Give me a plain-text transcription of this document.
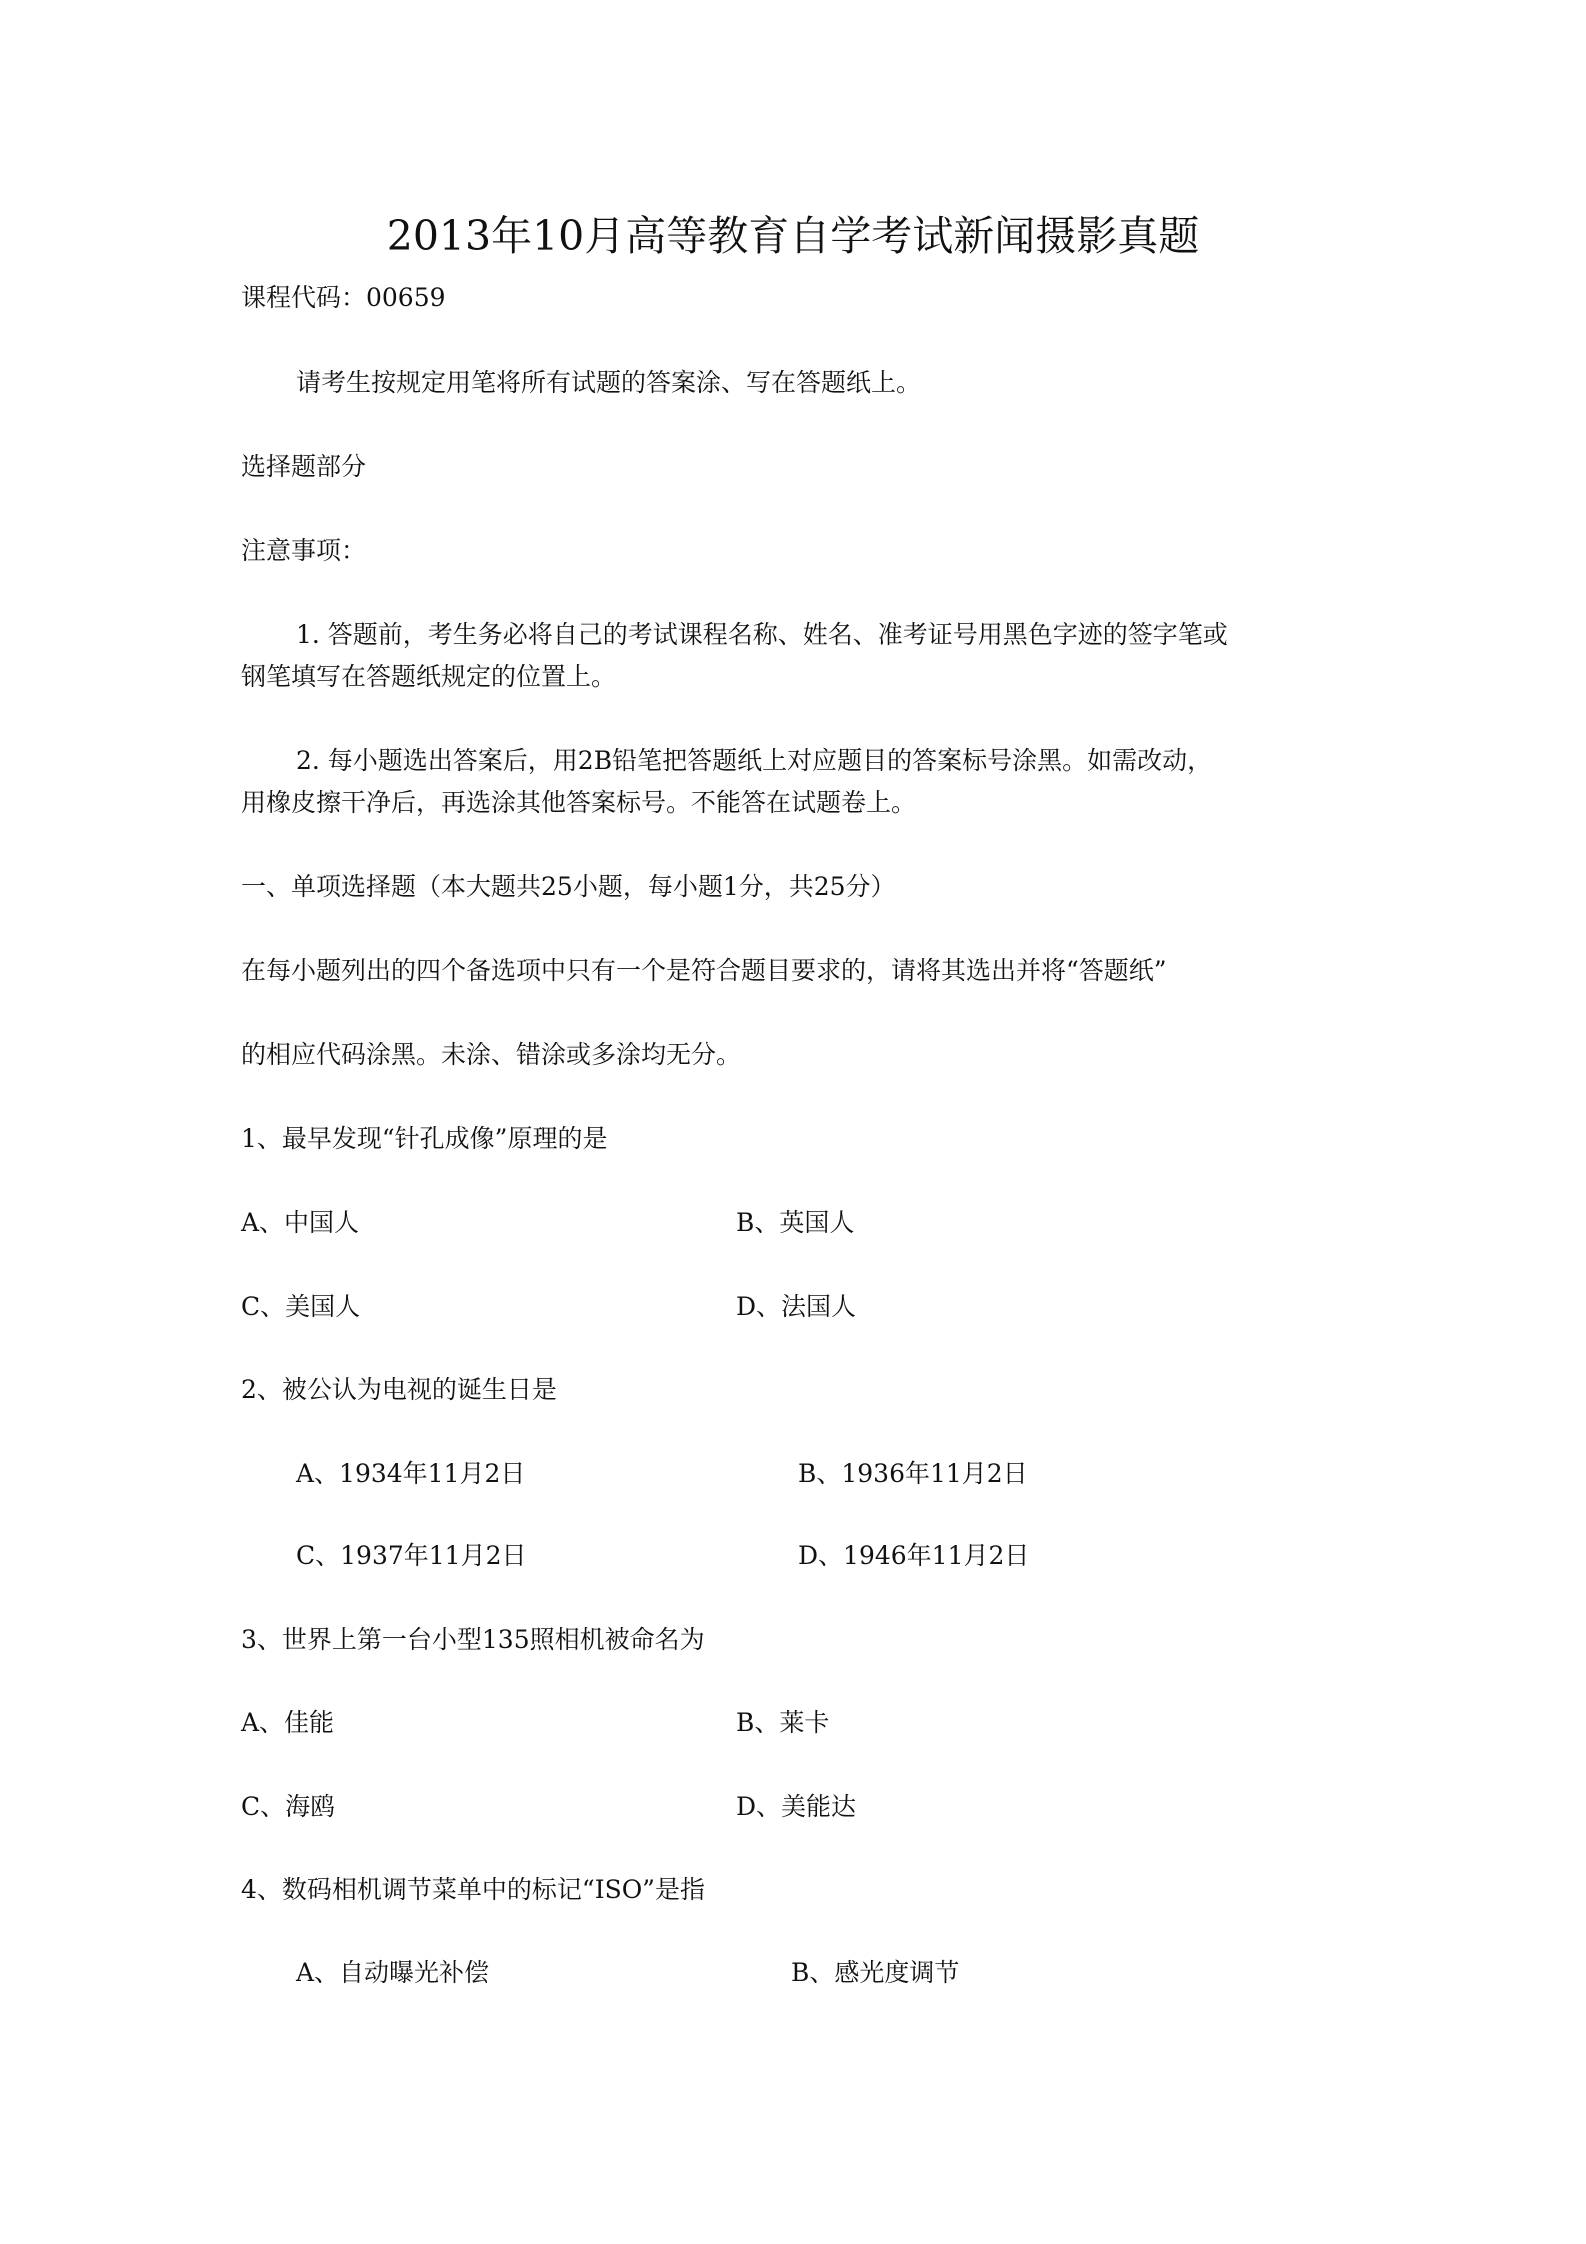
2013年10月高等教育自学考试新闻摄影真题
课程代码：00659
请考生按规定用笔将所有试题的答案涂、写在答题纸上。
选择题部分
注意事项：
1. 答题前，考生务必将自己的考试课程名称、姓名、准考证号用黑色字迹的签字笔或
钢笔填写在答题纸规定的位置上。
2. 每小题选出答案后，用2B铅笔把答题纸上对应题目的答案标号涂黑。如需改动，
用橡皮擦干净后，再选涂其他答案标号。不能答在试题卷上。
一、单项选择题（本大题共25小题，每小题1分，共25分）
在每小题列出的四个备选项中只有一个是符合题目要求的，请将其选出并将“答题纸”
的相应代码涂黑。未涂、错涂或多涂均无分。
1、最早发现“针孔成像”原理的是
A、中国人	B、英国人
C、美国人	D、法国人
2、被公认为电视的诞生日是
A、1934年11月2日	B、1936年11月2日
C、1937年11月2日	D、1946年11月2日
3、世界上第一台小型135照相机被命名为
A、佳能	B、莱卡
C、海鸥	D、美能达
4、数码相机调节菜单中的标记“ISO”是指
A、自动曝光补偿	B、感光度调节
